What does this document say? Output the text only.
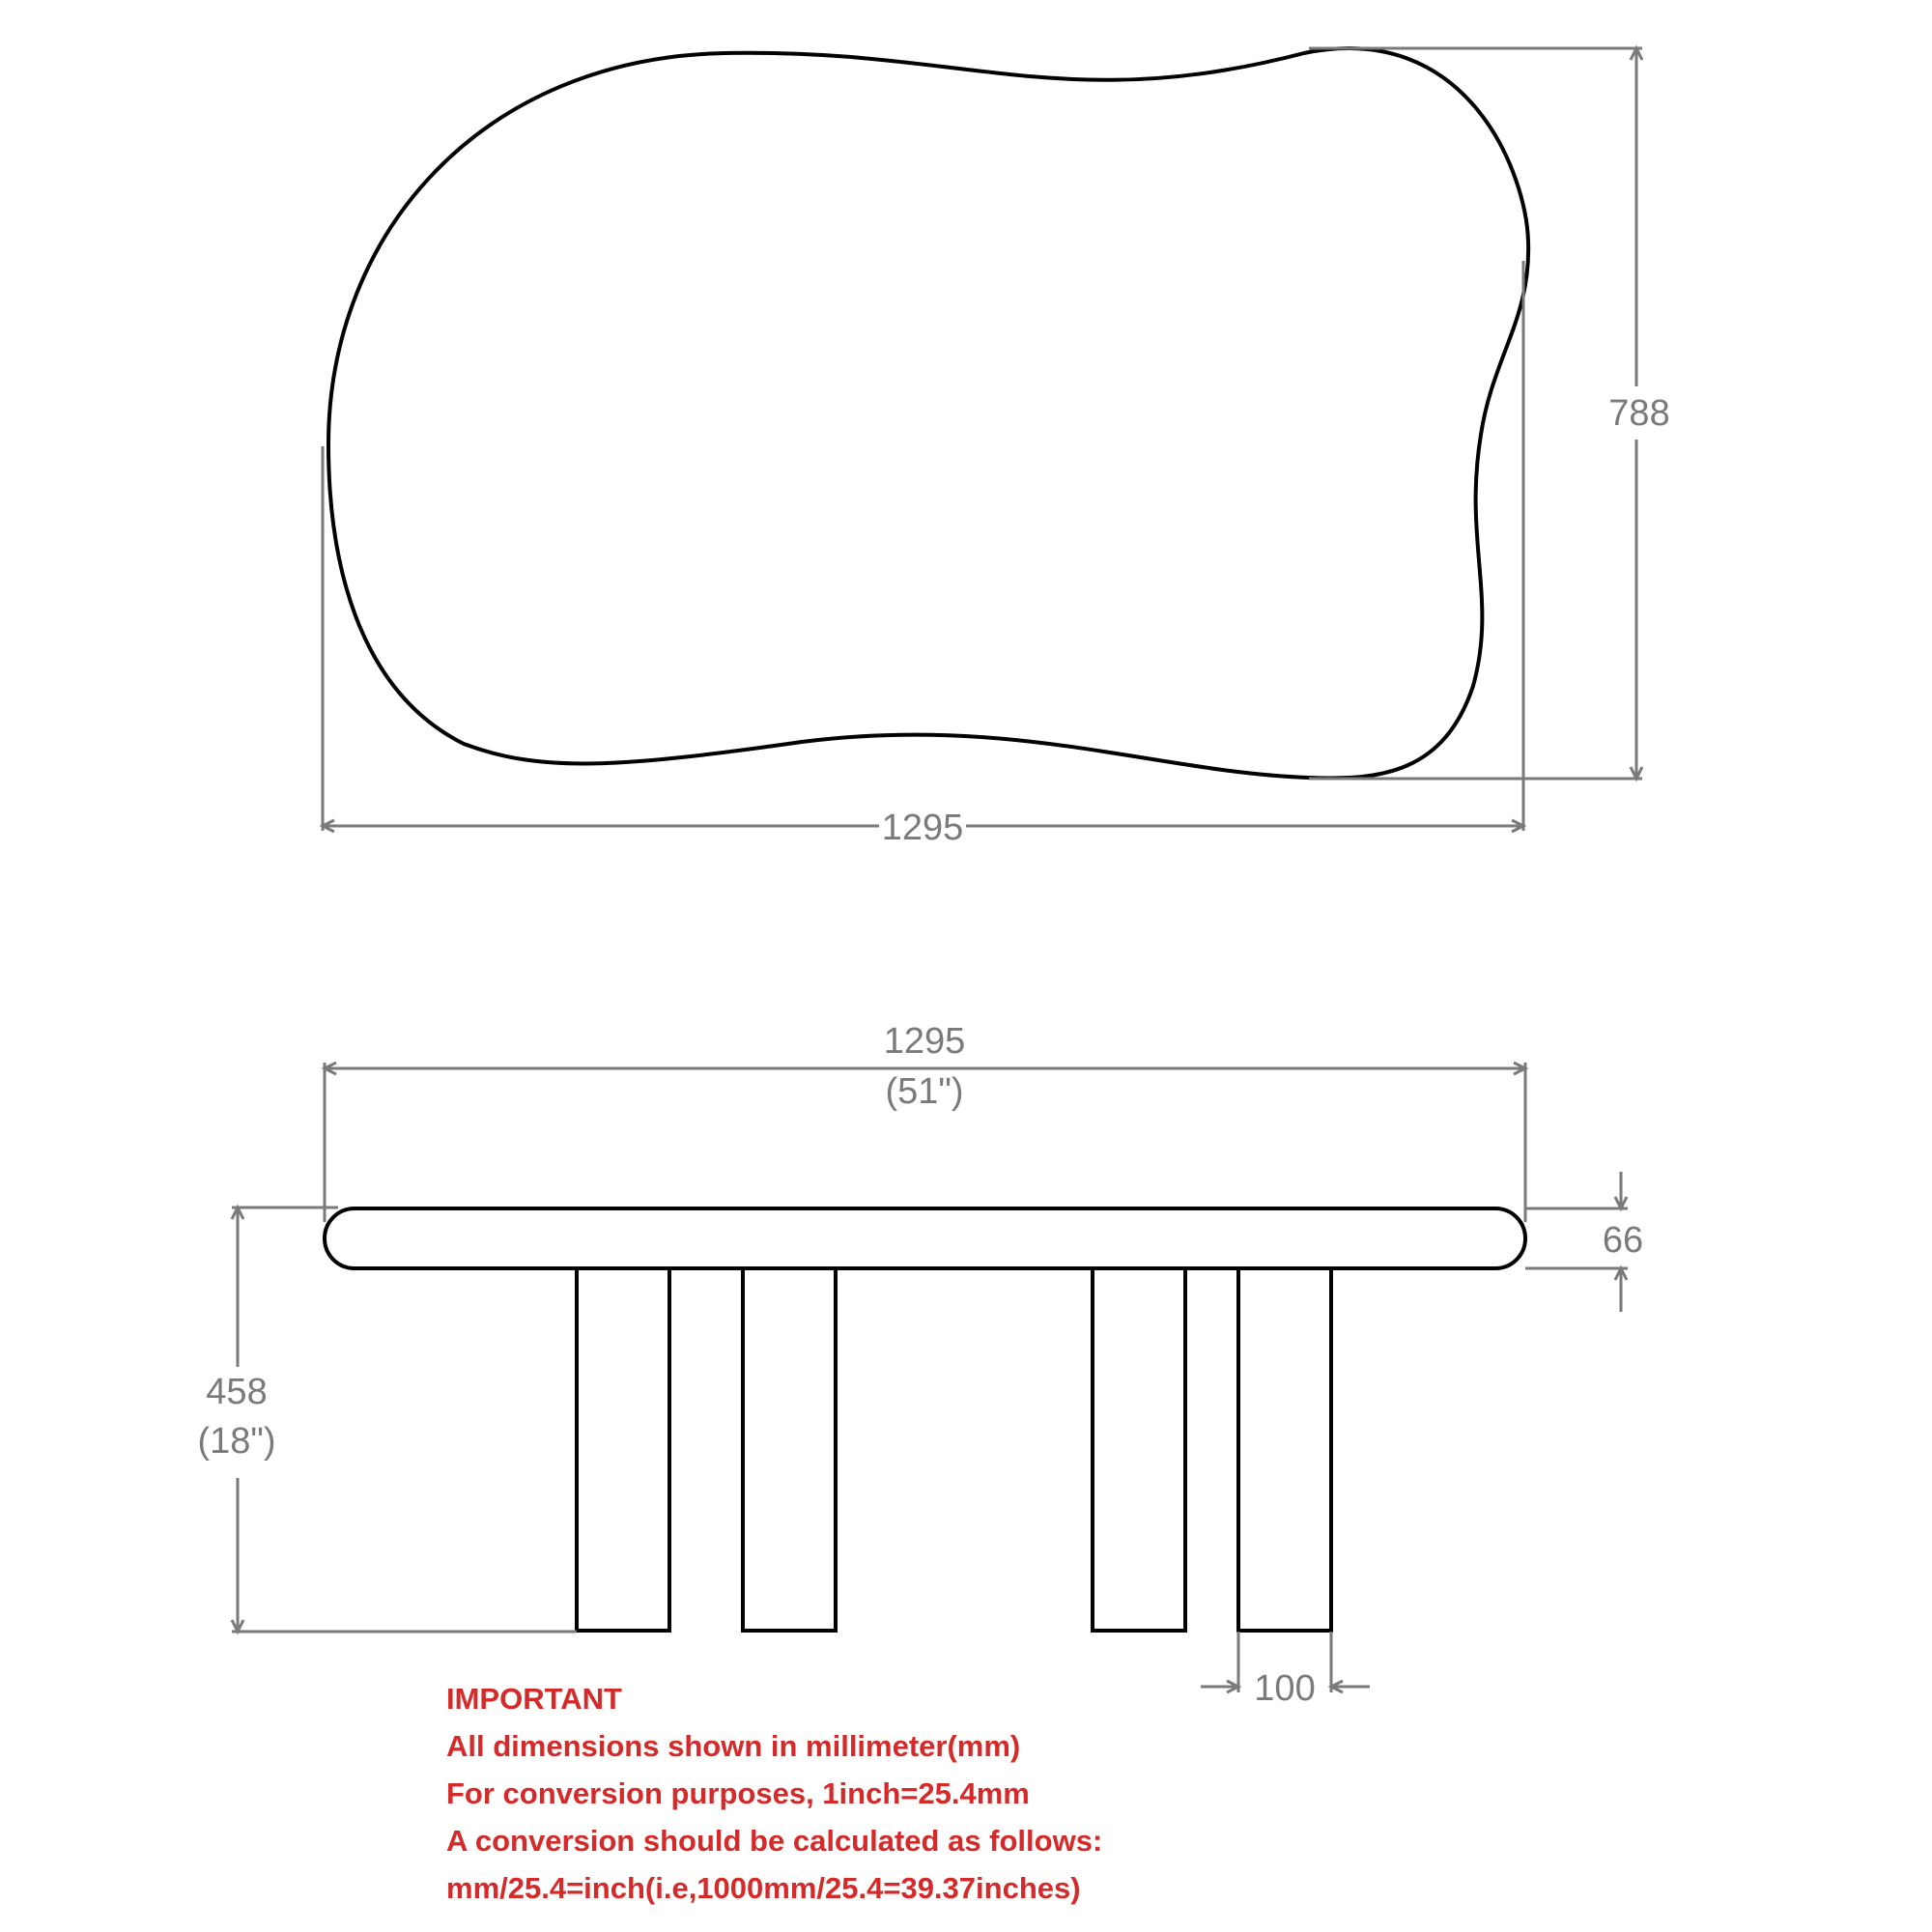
1295
788
1295
(51")
458
(18")
66
100
IMPORTANT
All dimensions shown in millimeter(mm)
For conversion purposes, 1inch=25.4mm
A conversion should be calculated as follows:
mm/25.4=inch(i.e,1000mm/25.4=39.37inches)
